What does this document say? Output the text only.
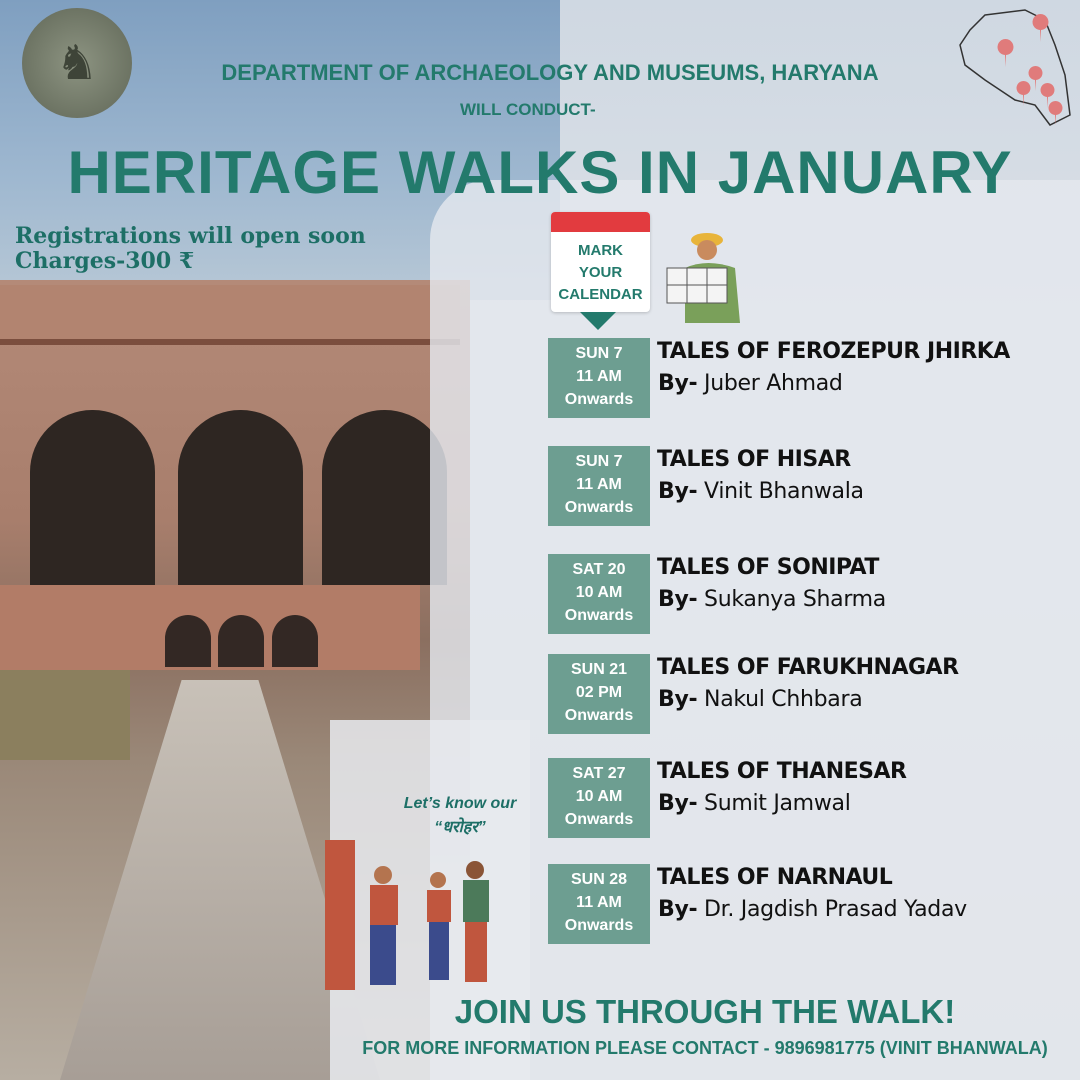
♞	DEPARTMENT OF ARCHAEOLOGY AND MUSEUMS, HARYANA
WILL CONDUCT-
HERITAGE WALKS IN JANUARY
Registrations will open soon
Charges-300 ₹	MARK
YOUR
CALENDAR
SUN 7
11 AM
Onwards
TALES OF FEROZEPUR JHIRKA
By- Juber Ahmad
SUN 7
11 AM
Onwards
TALES OF HISAR
By- Vinit Bhanwala
SAT 20
10 AM
Onwards
TALES OF SONIPAT
By- Sukanya Sharma
SUN 21
02 PM
Onwards
TALES OF FARUKHNAGAR
By- Nakul Chhbara
SAT 27
10 AM
Onwards
TALES OF THANESAR
By- Sumit Jamwal
SUN 28
11 AM
Onwards
TALES OF NARNAUL
By- Dr. Jagdish Prasad Yadav
Let’s know our
“धरोहर”
JOIN US THROUGH THE WALK!
FOR MORE INFORMATION PLEASE CONTACT - 9896981775 (VINIT BHANWALA)
